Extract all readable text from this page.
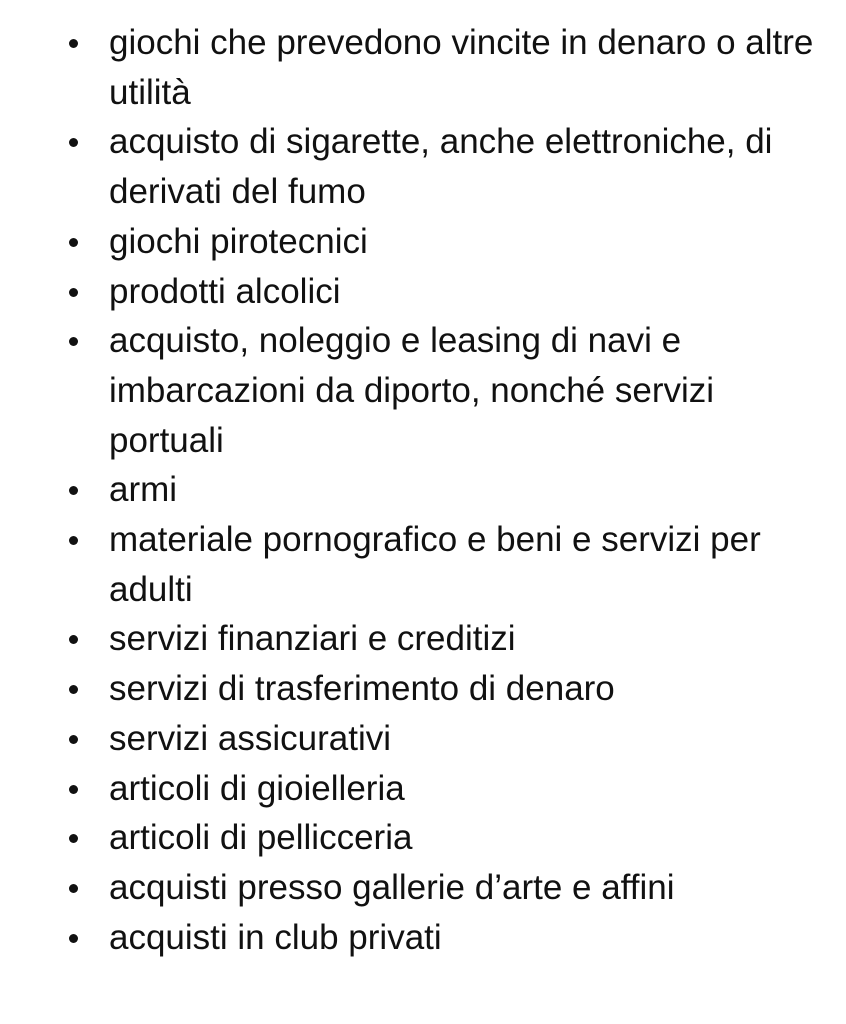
giochi che prevedono vincite in denaro o altre utilità
acquisto di sigarette, anche elettroniche, di derivati del fumo
giochi pirotecnici
prodotti alcolici
acquisto, noleggio e leasing di navi e imbarcazioni da diporto, nonché servizi portuali
armi
materiale pornografico e beni e servizi per adulti
servizi finanziari e creditizi
servizi di trasferimento di denaro
servizi assicurativi
articoli di gioielleria
articoli di pellicceria
acquisti presso gallerie d’arte e affini
acquisti in club privati
